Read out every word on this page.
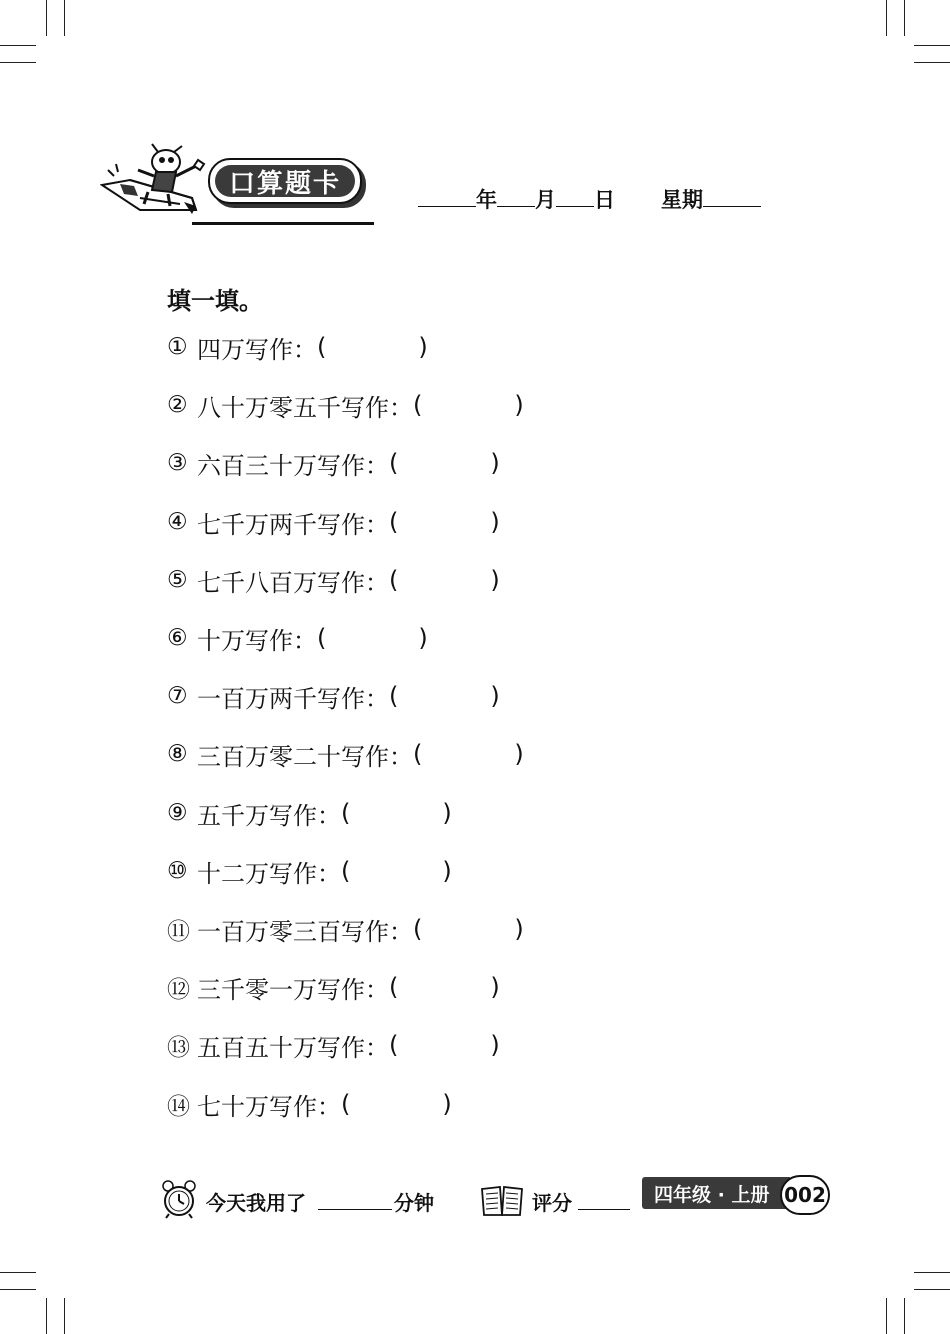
口算题卡
年 月 日 星期
填一填。
① 四万写作： (	)
② 八十万零五千写作： (	)
③ 六百三十万写作： (	)
④ 七千万两千写作： (	)
⑤ 七千八百万写作： (	)
⑥ 十万写作： (	)
⑦ 一百万两千写作： (	)
⑧ 三百万零二十写作： (	)
⑨ 五千万写作： (	)
⑩ 十二万写作： (	)
⑪ 一百万零三百写作： (	)
⑫ 三千零一万写作： (	)
⑬ 五百五十万写作： (	)
⑭ 七十万写作： (	)
今天我用了	分钟	评分	四年级 · 上册 002
